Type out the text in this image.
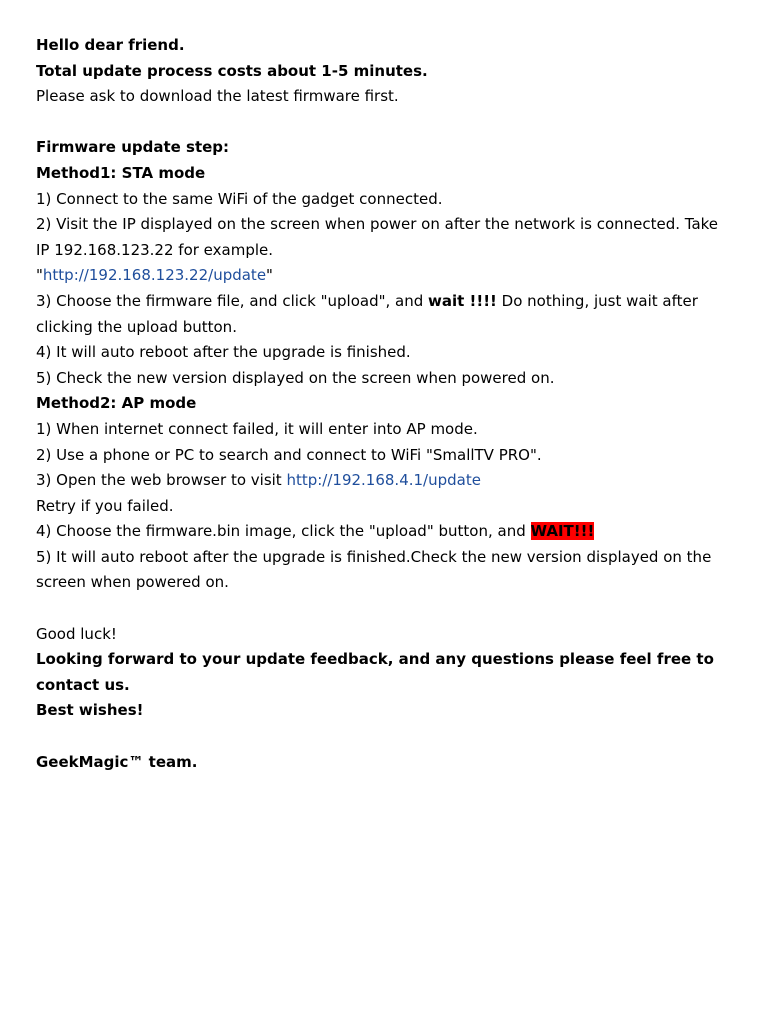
Hello dear friend.
Total update process costs about 1-5 minutes.
Please ask to download the latest firmware first.
Firmware update step:
Method1: STA mode
1) Connect to the same WiFi of the gadget connected.
2) Visit the IP displayed on the screen when power on after the network is connected. Take IP 192.168.123.22 for example.
"http://192.168.123.22/update"
3) Choose the firmware file, and click "upload", and wait !!!! Do nothing, just wait after clicking the upload button.
4) It will auto reboot after the upgrade is finished.
5) Check the new version displayed on the screen when powered on.
Method2: AP mode
1) When internet connect failed, it will enter into AP mode.
2) Use a phone or PC to search and connect to WiFi "SmallTV PRO".
3) Open the web browser to visit http://192.168.4.1/update
Retry if you failed.
4) Choose the firmware.bin image, click the "upload" button, and WAIT!!!
5) It will auto reboot after the upgrade is finished.Check the new version displayed on the screen when powered on.
Good luck!
Looking forward to your update feedback, and any questions please feel free to contact us.
Best wishes!
GeekMagic™ team.
